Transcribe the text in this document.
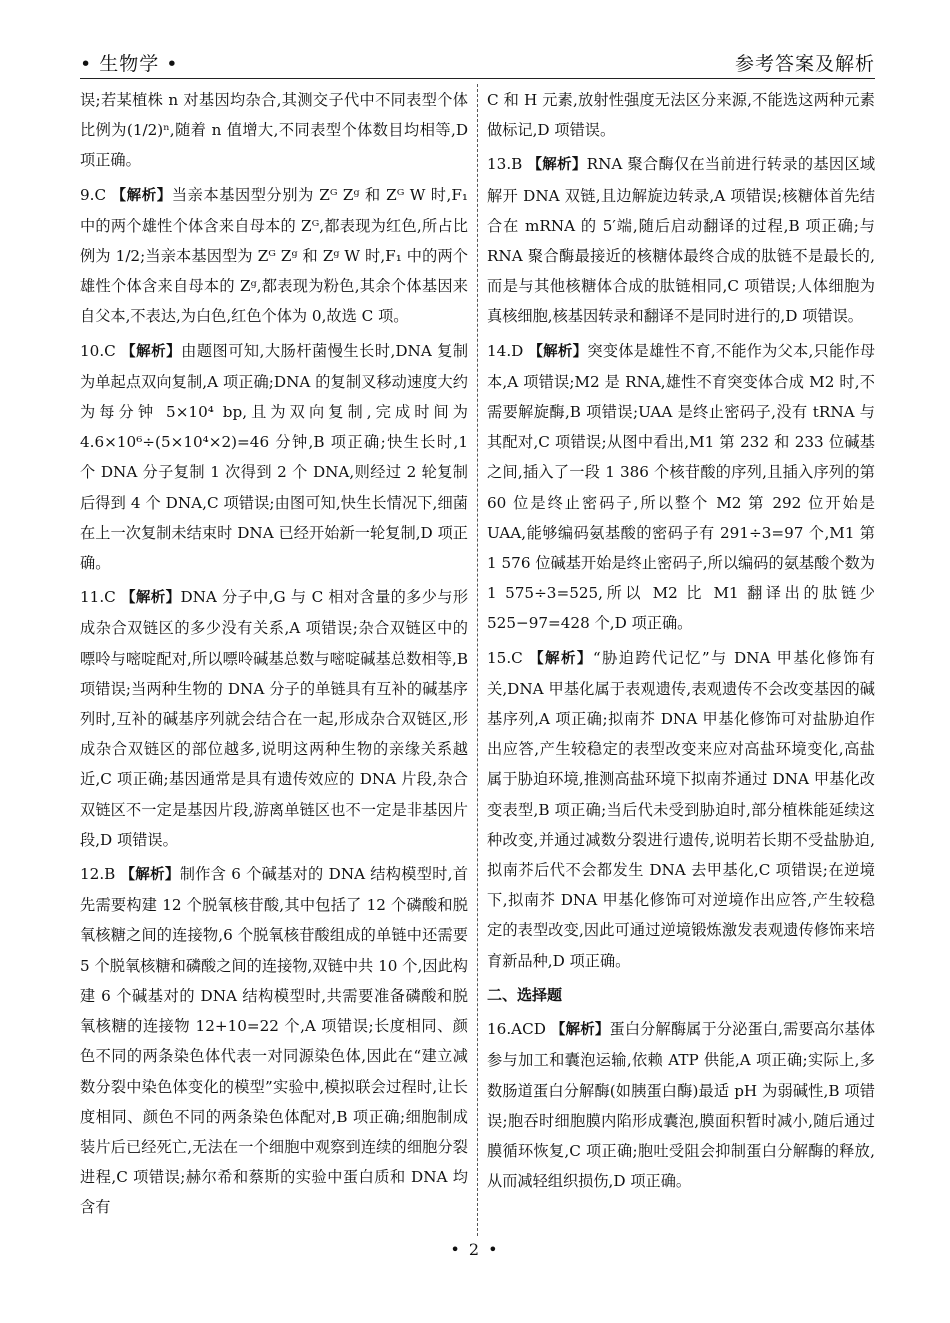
• 生物学 •	参考答案及解析

误;若某植株 n 对基因均杂合,其测交子代中不同表型个体比例为(1/2)ⁿ,随着 n 值增大,不同表型个体数目均相等,D 项正确。

9.C 【解析】当亲本基因型分别为 Zᴳ Zᵍ 和 Zᴳ W 时,F₁ 中的两个雄性个体含来自母本的 Zᴳ,都表现为红色,所占比例为 1/2;当亲本基因型为 Zᴳ Zᵍ 和 Zᵍ W 时,F₁ 中的两个雄性个体含来自母本的 Zᵍ,都表现为粉色,其余个体基因来自父本,不表达,为白色,红色个体为 0,故选 C 项。

10.C 【解析】由题图可知,大肠杆菌慢生长时,DNA 复制为单起点双向复制,A 项正确;DNA 的复制叉移动速度大约为每分钟 5×10⁴ bp,且为双向复制,完成时间为 4.6×10⁶÷(5×10⁴×2)=46 分钟,B 项正确;快生长时,1 个 DNA 分子复制 1 次得到 2 个 DNA,则经过 2 轮复制后得到 4 个 DNA,C 项错误;由图可知,快生长情况下,细菌在上一次复制未结束时 DNA 已经开始新一轮复制,D 项正确。

11.C 【解析】DNA 分子中,G 与 C 相对含量的多少与形成杂合双链区的多少没有关系,A 项错误;杂合双链区中的嘌呤与嘧啶配对,所以嘌呤碱基总数与嘧啶碱基总数相等,B 项错误;当两种生物的 DNA 分子的单链具有互补的碱基序列时,互补的碱基序列就会结合在一起,形成杂合双链区,形成杂合双链区的部位越多,说明这两种生物的亲缘关系越近,C 项正确;基因通常是具有遗传效应的 DNA 片段,杂合双链区不一定是基因片段,游离单链区也不一定是非基因片段,D 项错误。

12.B 【解析】制作含 6 个碱基对的 DNA 结构模型时,首先需要构建 12 个脱氧核苷酸,其中包括了 12 个磷酸和脱氧核糖之间的连接物,6 个脱氧核苷酸组成的单链中还需要 5 个脱氧核糖和磷酸之间的连接物,双链中共 10 个,因此构建 6 个碱基对的 DNA 结构模型时,共需要准备磷酸和脱氧核糖的连接物 12+10=22 个,A 项错误;长度相同、颜色不同的两条染色体代表一对同源染色体,因此在“建立减数分裂中染色体变化的模型”实验中,模拟联会过程时,让长度相同、颜色不同的两条染色体配对,B 项正确;细胞制成装片后已经死亡,无法在一个细胞中观察到连续的细胞分裂进程,C 项错误;赫尔希和蔡斯的实验中蛋白质和 DNA 均含有

C 和 H 元素,放射性强度无法区分来源,不能选这两种元素做标记,D 项错误。

13.B 【解析】RNA 聚合酶仅在当前进行转录的基因区域解开 DNA 双链,且边解旋边转录,A 项错误;核糖体首先结合在 mRNA 的 5′端,随后启动翻译的过程,B 项正确;与 RNA 聚合酶最接近的核糖体最终合成的肽链不是最长的,而是与其他核糖体合成的肽链相同,C 项错误;人体细胞为真核细胞,核基因转录和翻译不是同时进行的,D 项错误。

14.D 【解析】突变体是雄性不育,不能作为父本,只能作母本,A 项错误;M2 是 RNA,雄性不育突变体合成 M2 时,不需要解旋酶,B 项错误;UAA 是终止密码子,没有 tRNA 与其配对,C 项错误;从图中看出,M1 第 232 和 233 位碱基之间,插入了一段 1 386 个核苷酸的序列,且插入序列的第 60 位是终止密码子,所以整个 M2 第 292 位开始是 UAA,能够编码氨基酸的密码子有 291÷3=97 个,M1 第 1 576 位碱基开始是终止密码子,所以编码的氨基酸个数为 1 575÷3=525,所以 M2 比 M1 翻译出的肽链少 525−97=428 个,D 项正确。

15.C 【解析】“胁迫跨代记忆”与 DNA 甲基化修饰有关,DNA 甲基化属于表观遗传,表观遗传不会改变基因的碱基序列,A 项正确;拟南芥 DNA 甲基化修饰可对盐胁迫作出应答,产生较稳定的表型改变来应对高盐环境变化,高盐属于胁迫环境,推测高盐环境下拟南芥通过 DNA 甲基化改变表型,B 项正确;当后代未受到胁迫时,部分植株能延续这种改变,并通过减数分裂进行遗传,说明若长期不受盐胁迫,拟南芥后代不会都发生 DNA 去甲基化,C 项错误;在逆境下,拟南芥 DNA 甲基化修饰可对逆境作出应答,产生较稳定的表型改变,因此可通过逆境锻炼激发表观遗传修饰来培育新品种,D 项正确。

二、选择题

16.ACD 【解析】蛋白分解酶属于分泌蛋白,需要高尔基体参与加工和囊泡运输,依赖 ATP 供能,A 项正确;实际上,多数肠道蛋白分解酶(如胰蛋白酶)最适 pH 为弱碱性,B 项错误;胞吞时细胞膜内陷形成囊泡,膜面积暂时减小,随后通过膜循环恢复,C 项正确;胞吐受阻会抑制蛋白分解酶的释放,从而减轻组织损伤,D 项正确。

• 2 •
